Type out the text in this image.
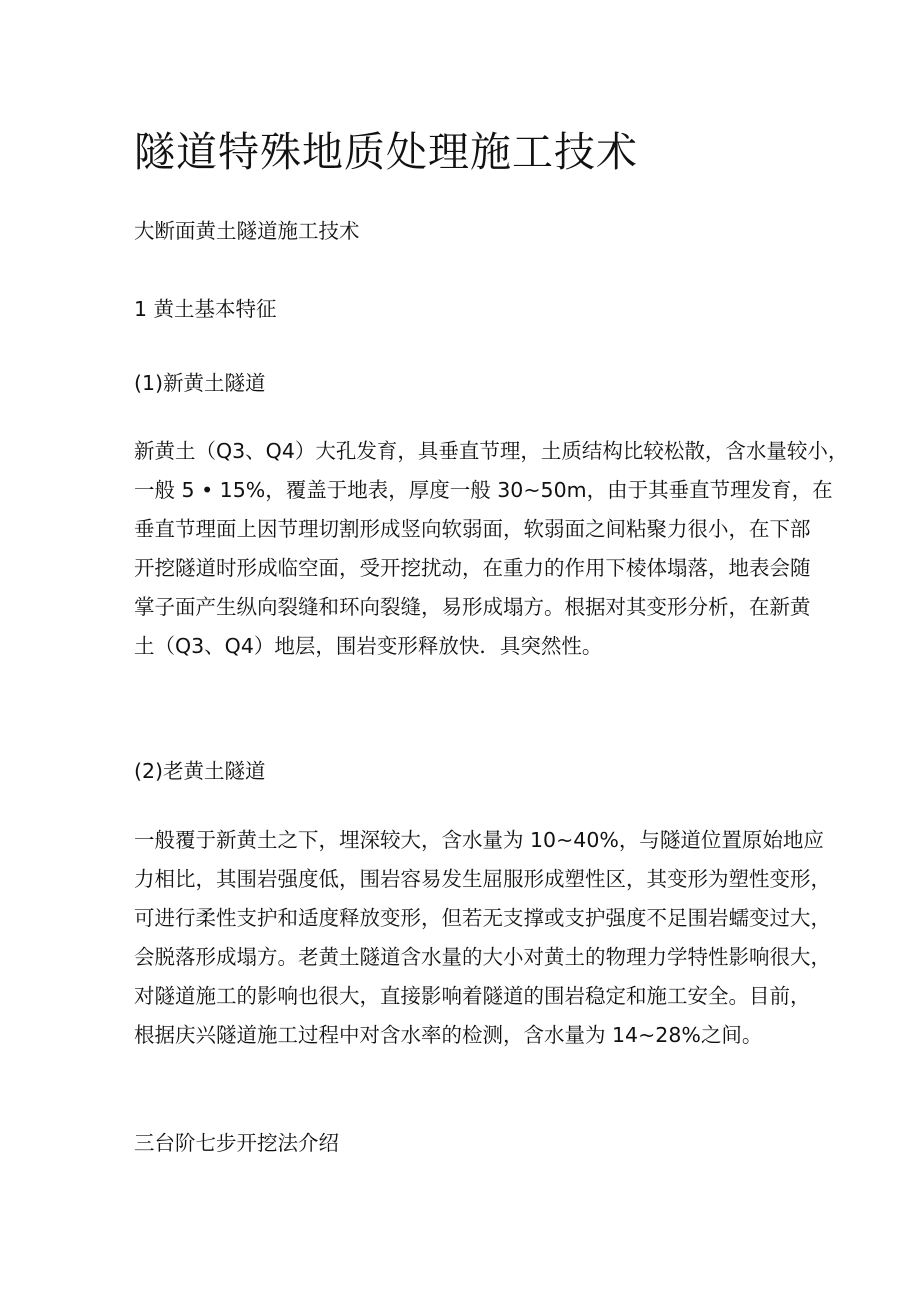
隧道特殊地质处理施工技术

大断面黄土隧道施工技术

1 黄土基本特征

(1)新黄土隧道

新黄土（Q3、Q4）大孔发育，具垂直节理，土质结构比较松散，含水量较小，
一般 5 • 15%，覆盖于地表，厚度一般 30~50m，由于其垂直节理发育，在
垂直节理面上因节理切割形成竖向软弱面，软弱面之间粘聚力很小，在下部
开挖隧道时形成临空面，受开挖扰动，在重力的作用下棱体塌落，地表会随
掌子面产生纵向裂缝和环向裂缝，易形成塌方。根据对其变形分析，在新黄
土（Q3、Q4）地层，围岩变形释放快．具突然性。

(2)老黄土隧道

一般覆于新黄土之下，埋深较大，含水量为 10~40%，与隧道位置原始地应
力相比，其围岩强度低，围岩容易发生屈服形成塑性区，其变形为塑性变形，
可进行柔性支护和适度释放变形，但若无支撑或支护强度不足围岩蠕变过大，
会脱落形成塌方。老黄土隧道含水量的大小对黄土的物理力学特性影响很大，
对隧道施工的影响也很大，直接影响着隧道的围岩稳定和施工安全。目前，
根据庆兴隧道施工过程中对含水率的检测，含水量为 14~28%之间。

三台阶七步开挖法介绍
